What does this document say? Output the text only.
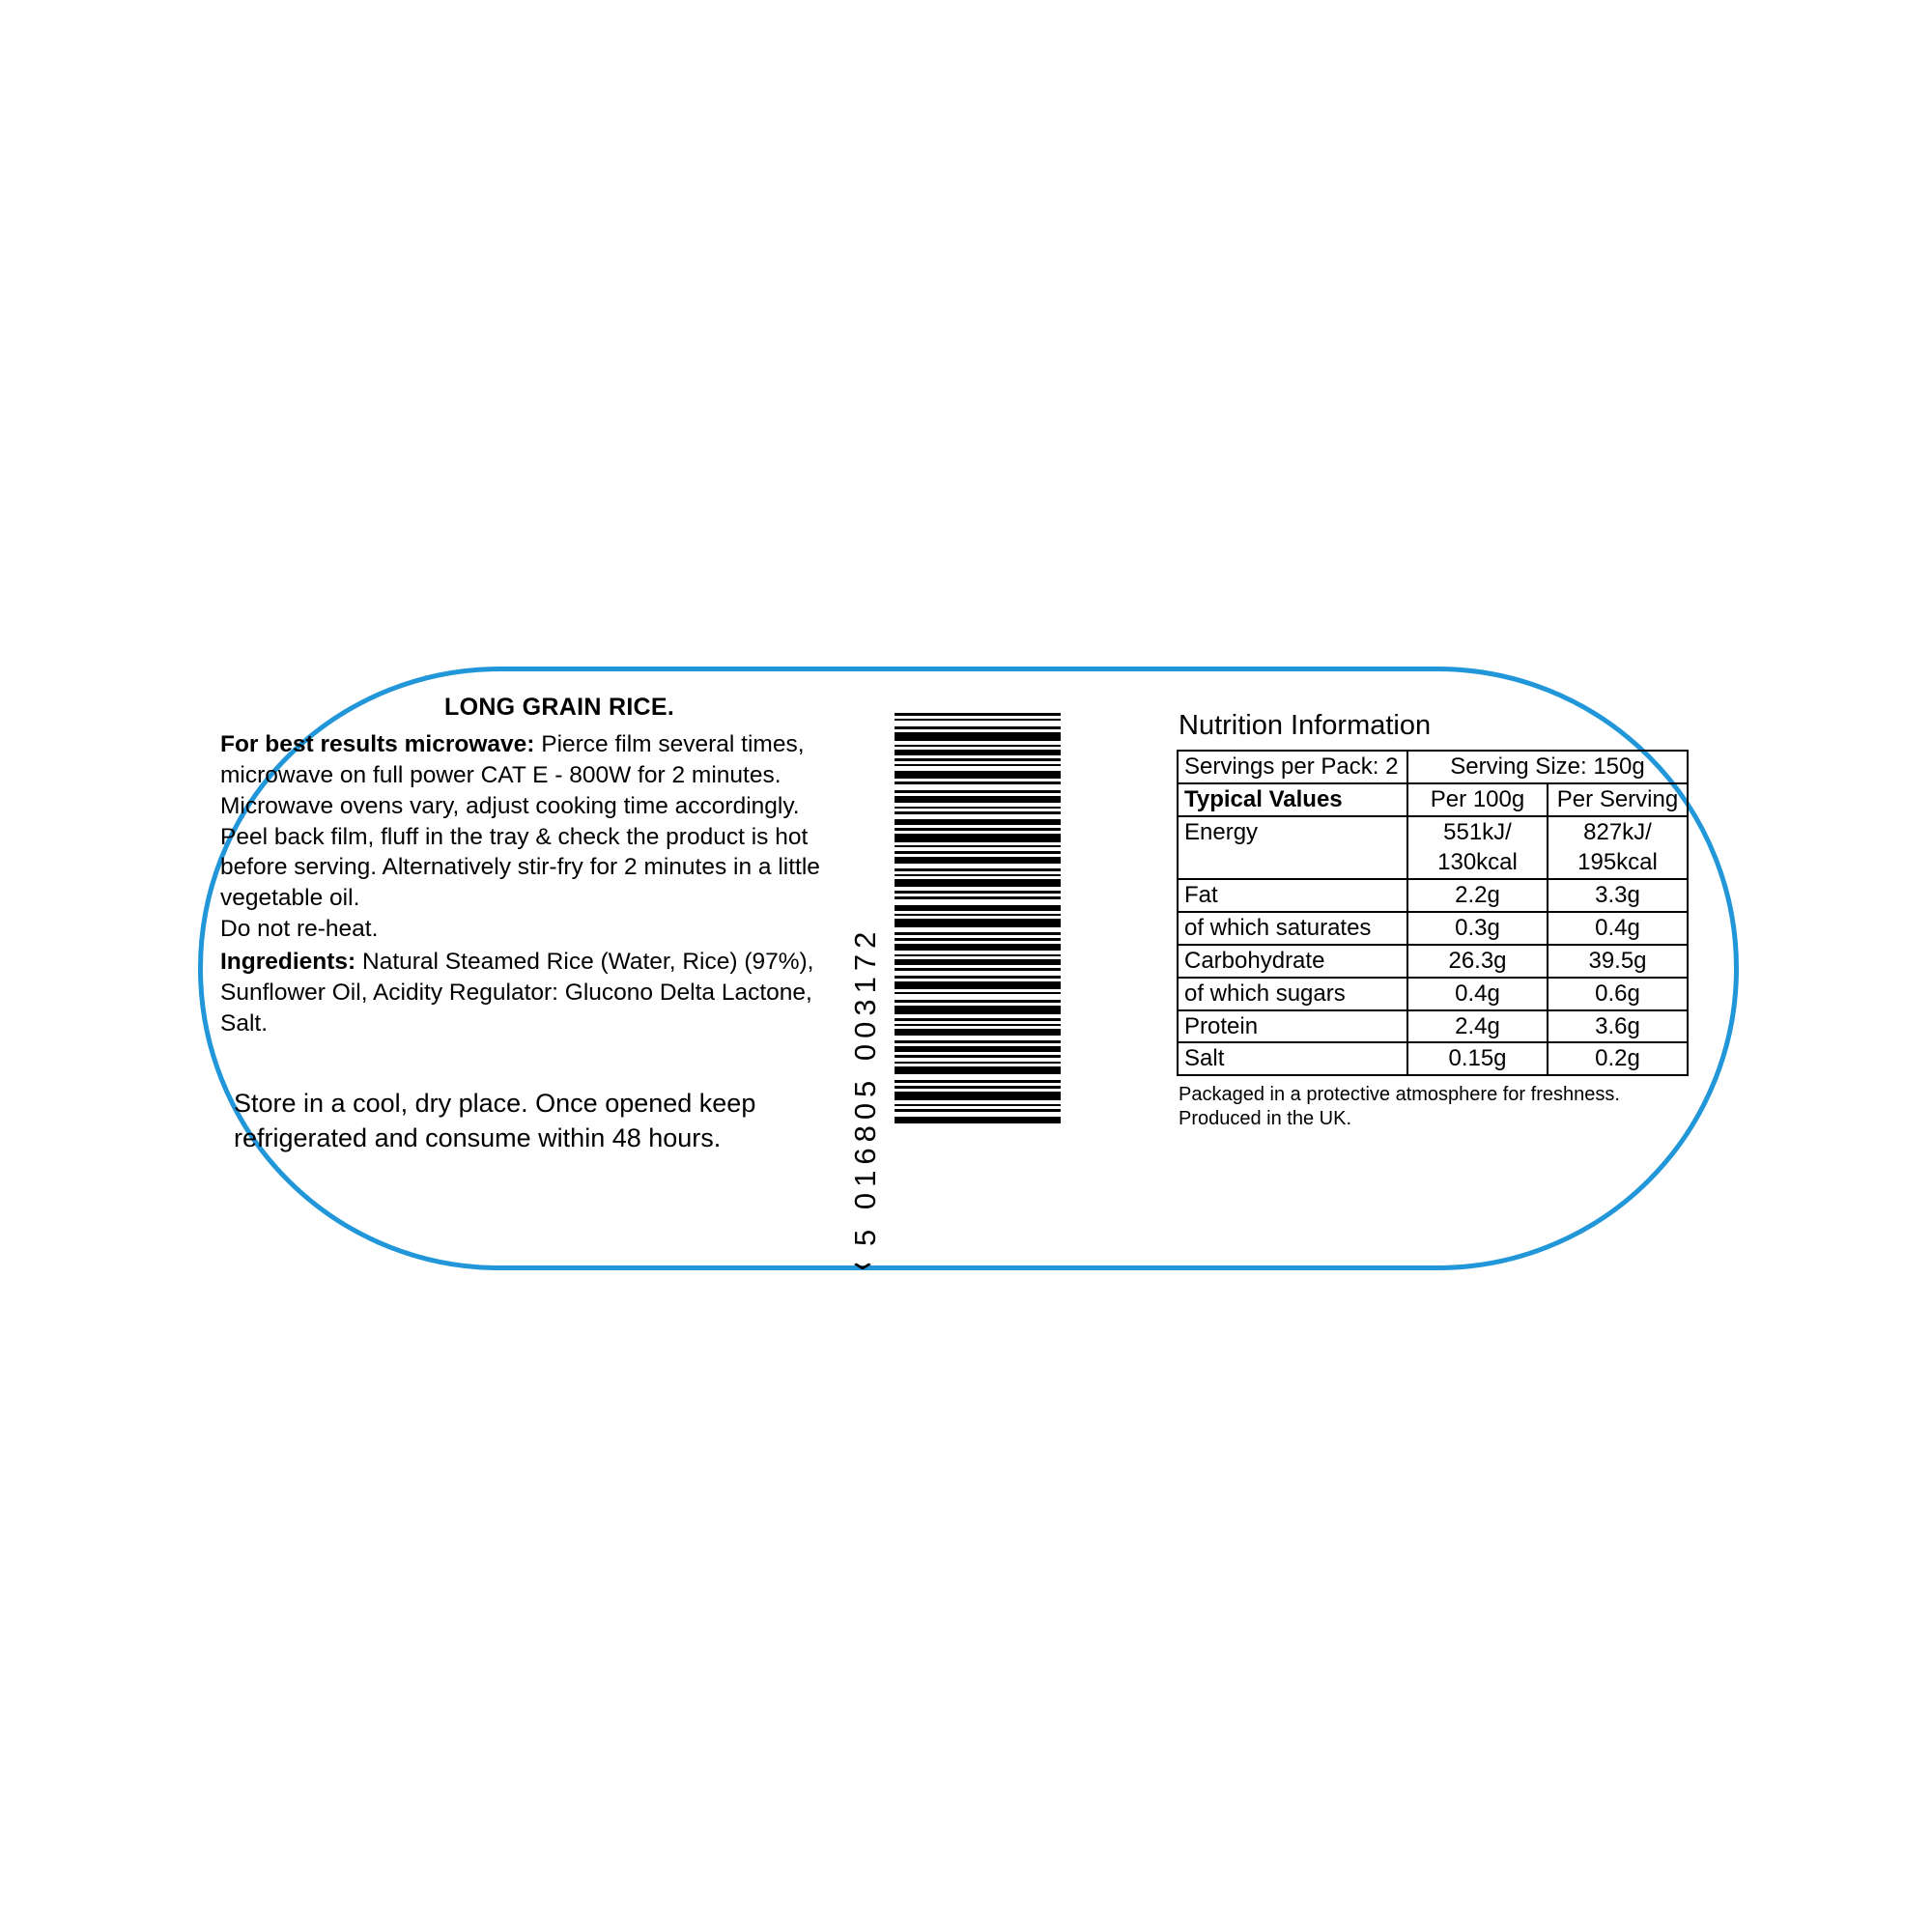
LONG GRAIN RICE.

For best results microwave: Pierce film several times, microwave on full power CAT E - 800W for 2 minutes. Microwave ovens vary, adjust cooking time accordingly. Peel back film, fluff in the tray & check the product is hot before serving. Alternatively stir-fry for 2 minutes in a little vegetable oil.

Do not re-heat.

Ingredients: Natural Steamed Rice (Water, Rice) (97%), Sunflower Oil, Acidity Regulator: Glucono Delta Lactone, Salt.

Store in a cool, dry place. Once opened keep refrigerated and consume within 48 hours.	5 016805 003172
⌄
Nutrition Information
Servings per Pack: 2	Serving Size: 150g	
Typical Values	Per 100g	Per Serving
Energy	551kJ/	827kJ/
	130kcal	195kcal
Fat	2.2g	3.3g
of which saturates	0.3g	0.4g
Carbohydrate	26.3g	39.5g
of which sugars	0.4g	0.6g
Protein	2.4g	3.6g
Salt	0.15g	0.2g
Packaged in a protective atmosphere for freshness.
Produced in the UK.
